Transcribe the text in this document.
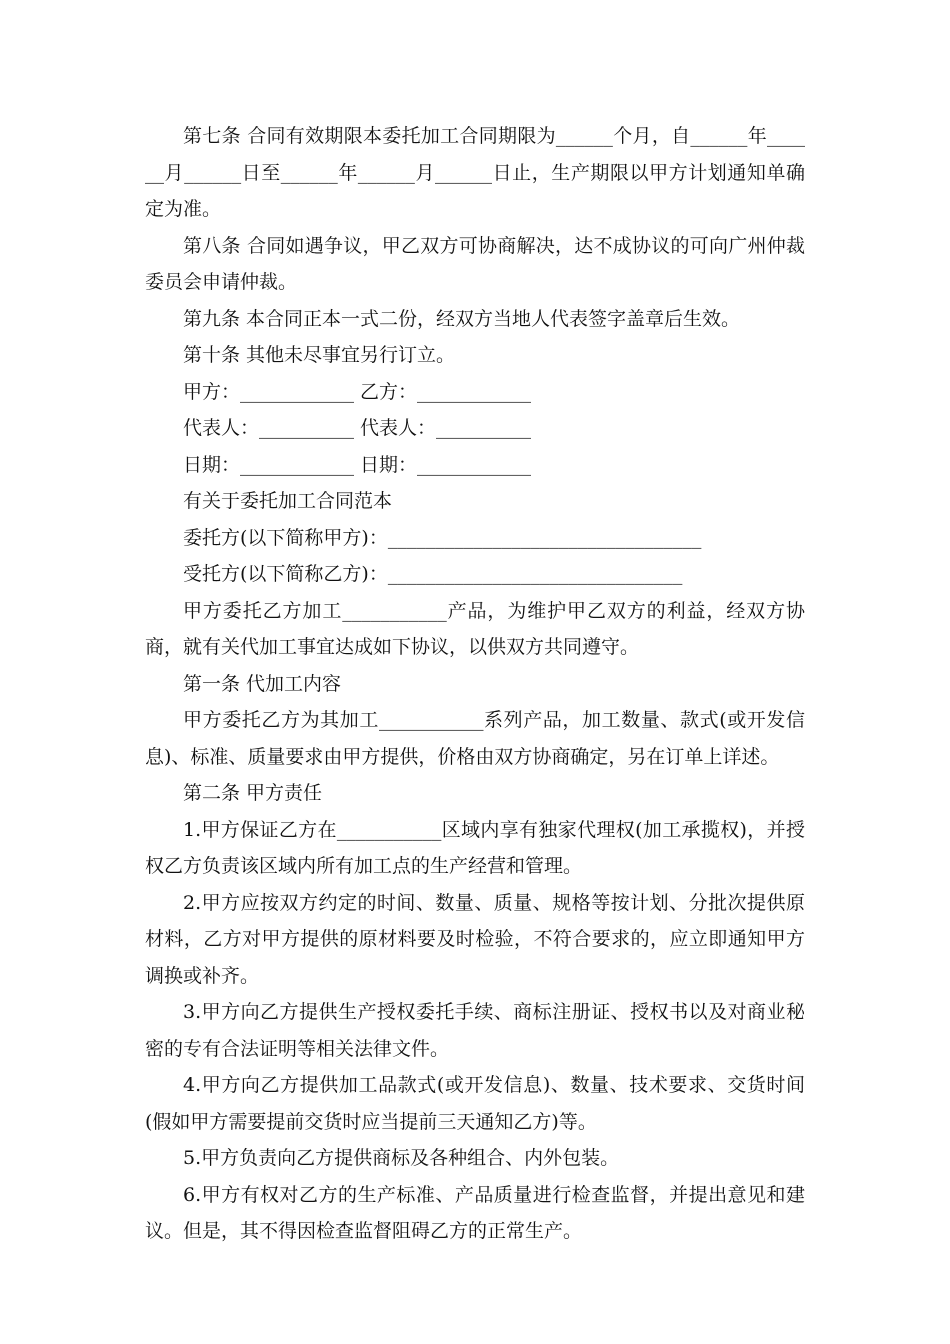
第七条 合同有效期限本委托加工合同期限为______个月，自______年______月______日至______年______月______日止，生产期限以甲方计划通知单确定为准。

第八条 合同如遇争议，甲乙双方可协商解决，达不成协议的可向广州仲裁委员会申请仲裁。

第九条 本合同正本一式二份，经双方当地人代表签字盖章后生效。

第十条 其他未尽事宜另行订立。

甲方：____________ 乙方：____________

代表人：__________ 代表人：__________

日期：____________ 日期：____________

有关于委托加工合同范本

委托方(以下简称甲方)：_________________________________

受托方(以下简称乙方)：_______________________________

甲方委托乙方加工___________产品，为维护甲乙双方的利益，经双方协商，就有关代加工事宜达成如下协议，以供双方共同遵守。

第一条 代加工内容

甲方委托乙方为其加工___________系列产品，加工数量、款式(或开发信息)、标准、质量要求由甲方提供，价格由双方协商确定，另在订单上详述。

第二条 甲方责任

1.甲方保证乙方在___________区域内享有独家代理权(加工承揽权)，并授权乙方负责该区域内所有加工点的生产经营和管理。

2.甲方应按双方约定的时间、数量、质量、规格等按计划、分批次提供原材料，乙方对甲方提供的原材料要及时检验，不符合要求的，应立即通知甲方调换或补齐。

3.甲方向乙方提供生产授权委托手续、商标注册证、授权书以及对商业秘密的专有合法证明等相关法律文件。

4.甲方向乙方提供加工品款式(或开发信息)、数量、技术要求、交货时间(假如甲方需要提前交货时应当提前三天通知乙方)等。

5.甲方负责向乙方提供商标及各种组合、内外包装。

6.甲方有权对乙方的生产标准、产品质量进行检查监督，并提出意见和建议。但是，其不得因检查监督阻碍乙方的正常生产。
